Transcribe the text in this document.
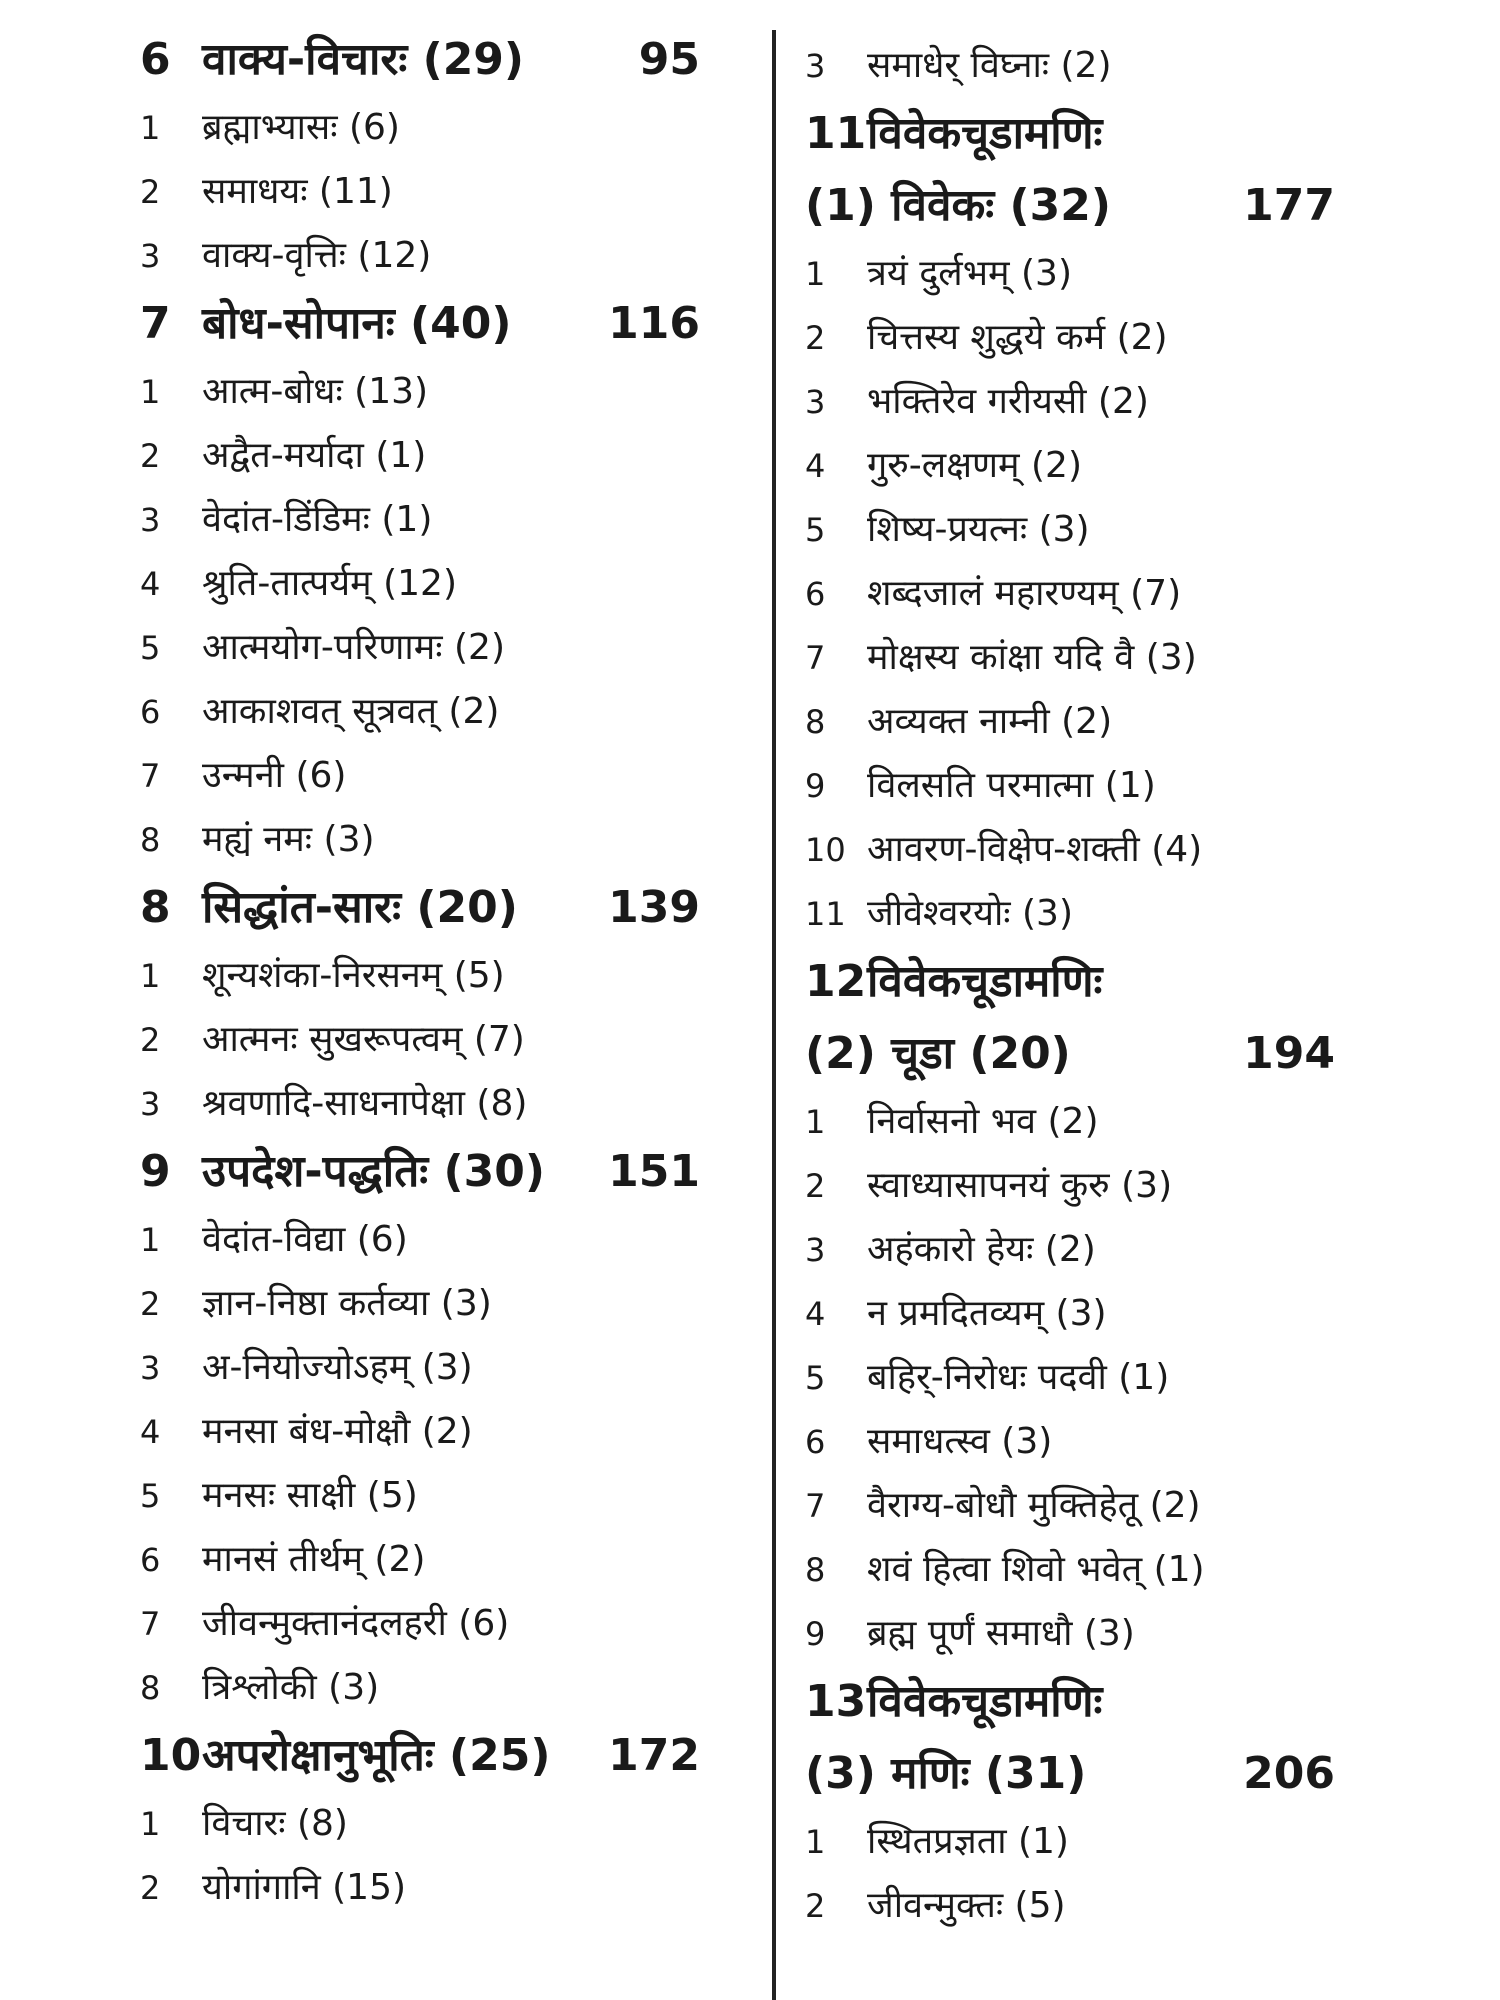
6 वाक्य-विचारः (29)	95
1	ब्रह्माभ्यासः (6)
2	समाधयः (11)
3	वाक्य-वृत्तिः (12)
7 बोध-सोपानः (40)	116
1	आत्म-बोधः (13)
2	अद्वैत-मर्यादा (1)
3	वेदांत-डिंडिमः (1)
4	श्रुति-तात्पर्यम् (12)
5	आत्मयोग-परिणामः (2)
6	आकाशवत् सूत्रवत् (2)
7	उन्मनी (6)
8	मह्यं नमः (3)
8 सिद्धांत-सारः (20)	139
1	शून्यशंका-निरसनम् (5)
2	आत्मनः सुखरूपत्वम् (7)
3	श्रवणादि-साधनापेक्षा (8)
9 उपदेश-पद्धतिः (30)	151
1	वेदांत-विद्या (6)
2	ज्ञान-निष्ठा कर्तव्या (3)
3	अ-नियोज्योऽहम् (3)
4	मनसा बंध-मोक्षौ (2)
5	मनसः साक्षी (5)
6	मानसं तीर्थम् (2)
7	जीवन्मुक्तानंदलहरी (6)
8	त्रिश्लोकी (3)
10 अपरोक्षानुभूतिः (25)	172
1	विचारः (8)
2	योगांगानि (15)
3	समाधेर् विघ्नाः (2)
11 विवेकचूडामणिः
(1) विवेकः (32)	177
1	त्रयं दुर्लभम् (3)
2	चित्तस्य शुद्धये कर्म (2)
3	भक्तिरेव गरीयसी (2)
4	गुरु-लक्षणम् (2)
5	शिष्य-प्रयत्नः (3)
6	शब्दजालं महारण्यम् (7)
7	मोक्षस्य कांक्षा यदि वै (3)
8	अव्यक्त नाम्नी (2)
9	विलसति परमात्मा (1)
10 आवरण-विक्षेप-शक्ती (4)
11 जीवेश्वरयोः (3)
12 विवेकचूडामणिः
(2) चूडा (20)	194
1	निर्वासनो भव (2)
2	स्वाध्यासापनयं कुरु (3)
3	अहंकारो हेयः (2)
4	न प्रमदितव्यम् (3)
5	बहिर्-निरोधः पदवी (1)
6	समाधत्स्व (3)
7	वैराग्य-बोधौ मुक्तिहेतू (2)
8	शवं हित्वा शिवो भवेत् (1)
9	ब्रह्म पूर्णं समाधौ (3)
13 विवेकचूडामणिः
(3) मणिः (31)	206
1	स्थितप्रज्ञता (1)
2	जीवन्मुक्तः (5)
